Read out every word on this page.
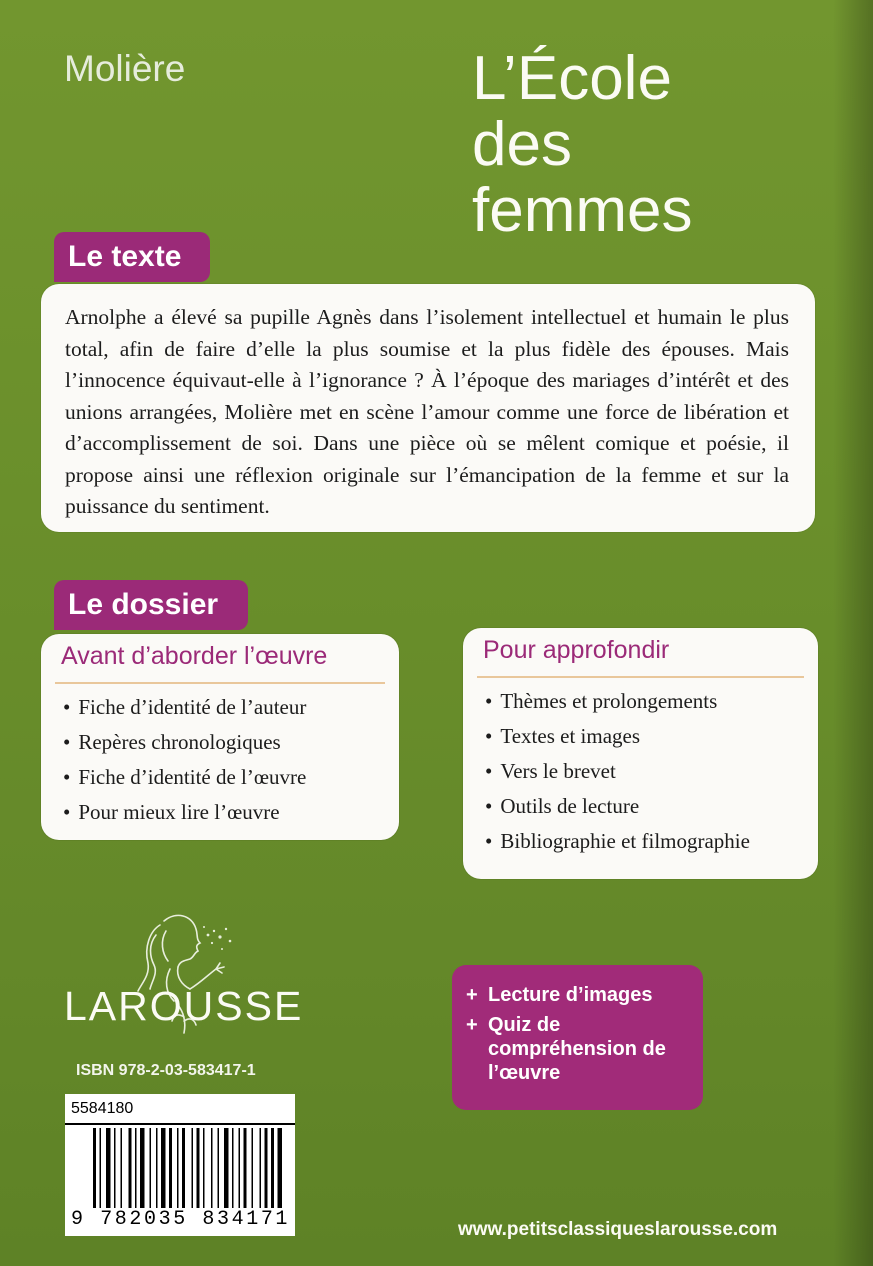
Molière	L’École
des
femmes
Le texte
Arnolphe a élevé sa pupille Agnès dans l’isolement intellectuel et humain le plus total, afin de faire d’elle la plus soumise et la plus fidèle des épouses. Mais l’innocence équivaut-elle à l’ignorance ? À l’époque des mariages d’intérêt et des unions arrangées, Molière met en scène l’amour comme une force de libération et d’accomplissement de soi. Dans une pièce où se mêlent comique et poésie, il propose ainsi une réflexion originale sur l’émancipation de la femme et sur la puissance du sentiment.
Le dossier
Avant d’aborder l’œuvre
• Fiche d’identité de l’auteur
• Repères chronologiques
• Fiche d’identité de l’œuvre
• Pour mieux lire l’œuvre
Pour approfondir
• Thèmes et prolongements
• Textes et images
• Vers le brevet
• Outils de lecture
• Bibliographie et filmographie
LAROUSSE
ISBN 978-2-03-583417-1
5584180
9 782035 834171
+ Lecture d’images
+ Quiz de compréhension de l’œuvre
www.petitsclassiqueslarousse.com
